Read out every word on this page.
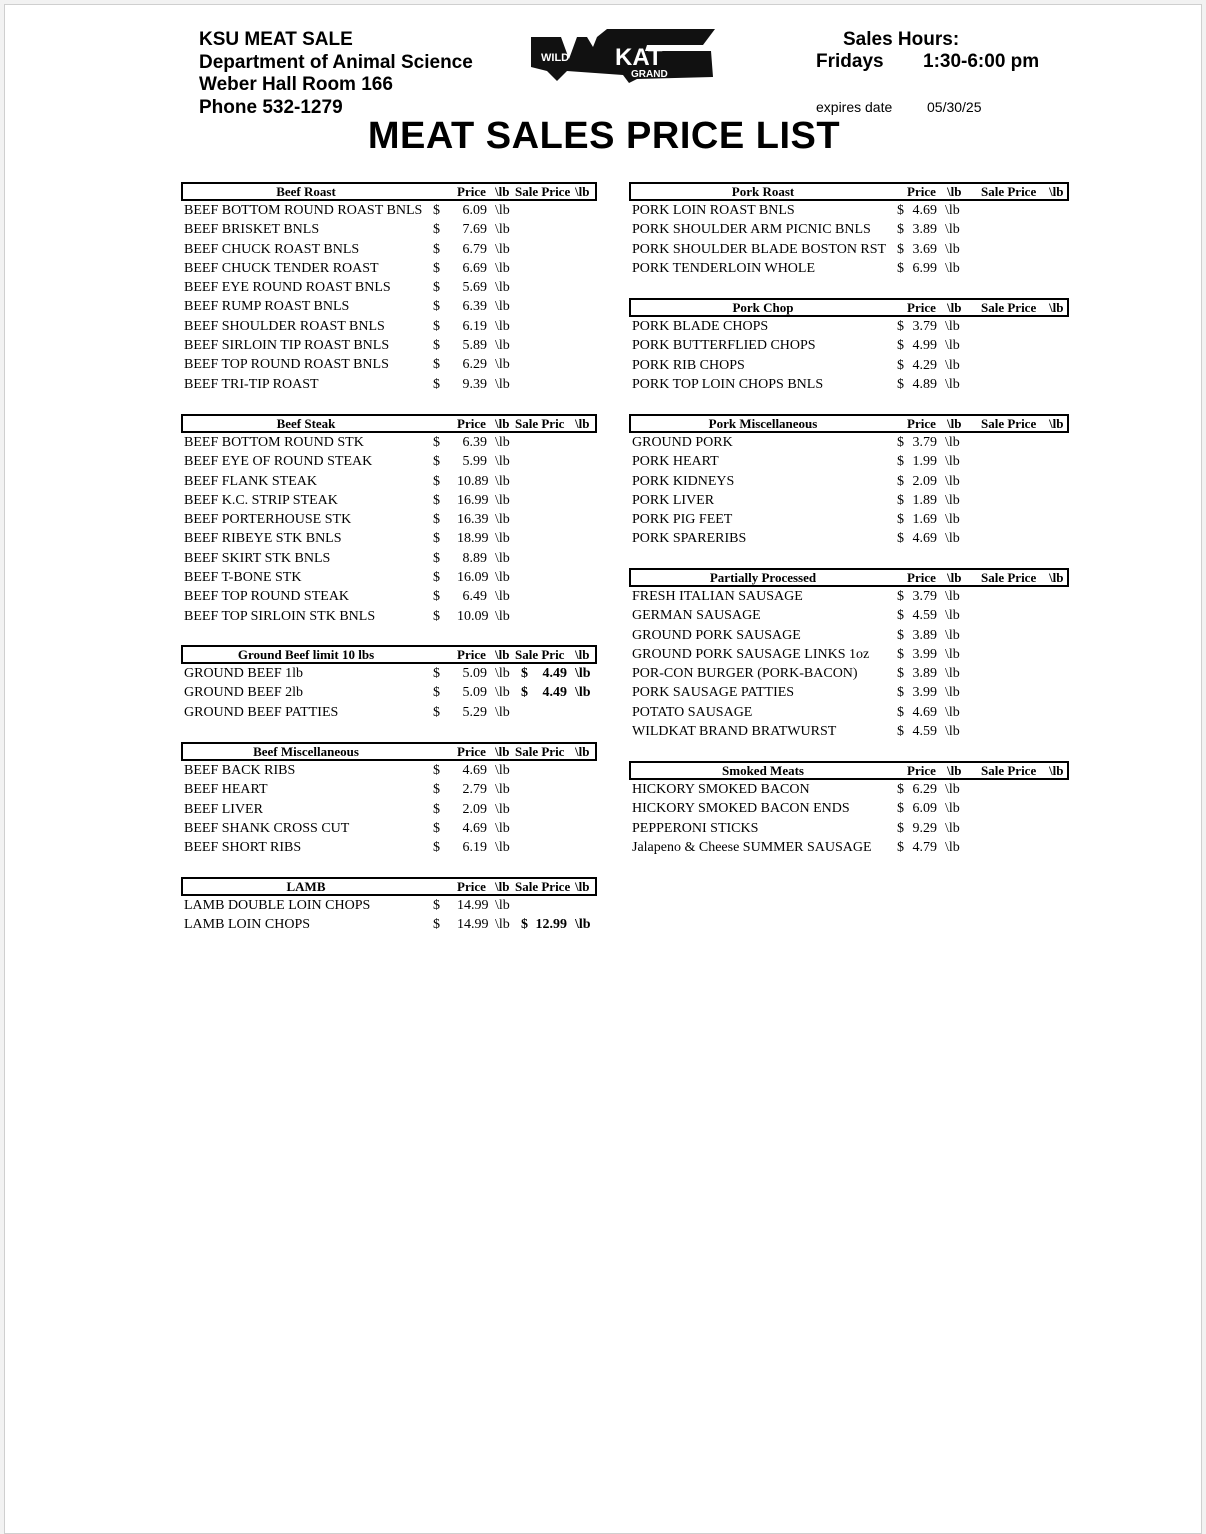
KSU MEAT SALE
Department of Animal Science
Weber Hall Room 166
Phone 532-1279
WILD KAT
GRAND
Sales Hours:
Fridays 1:30-6:00 pm
expires date 05/30/25
MEAT SALES PRICE LIST
Beef Roast	Price \lb Sale Price \lb
BEEF BOTTOM ROUND ROAST BNLS $	6.09 \lb
BEEF BRISKET BNLS	$	7.69 \lb
BEEF CHUCK ROAST BNLS	$	6.79 \lb
BEEF CHUCK TENDER ROAST	$	6.69 \lb
BEEF EYE ROUND ROAST BNLS	$	5.69 \lb
BEEF RUMP ROAST BNLS	$	6.39 \lb
BEEF SHOULDER ROAST BNLS	$	6.19 \lb
BEEF SIRLOIN TIP ROAST BNLS	$	5.89 \lb
BEEF TOP ROUND ROAST BNLS	$	6.29 \lb
BEEF TRI-TIP ROAST	$	9.39 \lb
Beef Steak	Price \lb Sale Pric \lb
BEEF BOTTOM ROUND STK	$	6.39 \lb
BEEF EYE OF ROUND STEAK	$	5.99 \lb
BEEF FLANK STEAK	$ 10.89 \lb
BEEF K.C. STRIP STEAK	$ 16.99 \lb
BEEF PORTERHOUSE STK	$ 16.39 \lb
BEEF RIBEYE STK BNLS	$ 18.99 \lb
BEEF SKIRT STK BNLS	$	8.89 \lb
BEEF T-BONE STK	$ 16.09 \lb
BEEF TOP ROUND STEAK	$	6.49 \lb
BEEF TOP SIRLOIN STK BNLS	$ 10.09 \lb
Ground Beef limit 10 lbs	Price \lb Sale Pric \lb
GROUND BEEF 1lb	$	5.09 \lb $	4.49 \lb
GROUND BEEF 2lb	$	5.09 \lb $	4.49 \lb
GROUND BEEF PATTIES	$	5.29 \lb
Beef Miscellaneous	Price \lb Sale Pric \lb
BEEF BACK RIBS	$	4.69 \lb
BEEF HEART	$	2.79 \lb
BEEF LIVER	$	2.09 \lb
BEEF SHANK CROSS CUT	$	4.69 \lb
BEEF SHORT RIBS	$	6.19 \lb
LAMB	Price \lb Sale Price \lb
LAMB DOUBLE LOIN CHOPS	$ 14.99 \lb
LAMB LOIN CHOPS	$ 14.99 \lb $ 12.99 \lb
Pork Roast	Price \lb Sale Price \lb
PORK LOIN ROAST BNLS	$ 4.69 \lb
PORK SHOULDER ARM PICNIC BNLS $ 3.89 \lb
PORK SHOULDER BLADE BOSTON RST $ 3.69 \lb
PORK TENDERLOIN WHOLE	$ 6.99 \lb
Pork Chop	Price \lb Sale Price \lb
PORK BLADE CHOPS	$ 3.79 \lb
PORK BUTTERFLIED CHOPS	$ 4.99 \lb
PORK RIB CHOPS	$ 4.29 \lb
PORK TOP LOIN CHOPS BNLS	$ 4.89 \lb
Pork Miscellaneous	Price \lb Sale Price \lb
GROUND PORK	$ 3.79 \lb
PORK HEART	$ 1.99 \lb
PORK KIDNEYS	$ 2.09 \lb
PORK LIVER	$ 1.89 \lb
PORK PIG FEET	$ 1.69 \lb
PORK SPARERIBS	$ 4.69 \lb
Partially Processed	Price \lb Sale Price \lb
FRESH ITALIAN SAUSAGE	$ 3.79 \lb
GERMAN SAUSAGE	$ 4.59 \lb
GROUND PORK SAUSAGE	$ 3.89 \lb
GROUND PORK SAUSAGE LINKS 1oz $ 3.99 \lb
POR-CON BURGER (PORK-BACON)	$ 3.89 \lb
PORK SAUSAGE PATTIES	$ 3.99 \lb
POTATO SAUSAGE	$ 4.69 \lb
WILDKAT BRAND BRATWURST	$ 4.59 \lb
Smoked Meats	Price \lb Sale Price \lb
HICKORY SMOKED BACON	$ 6.29 \lb
HICKORY SMOKED BACON ENDS	$ 6.09 \lb
PEPPERONI STICKS	$ 9.29 \lb
Jalapeno & Cheese SUMMER SAUSAGE $ 4.79 \lb
